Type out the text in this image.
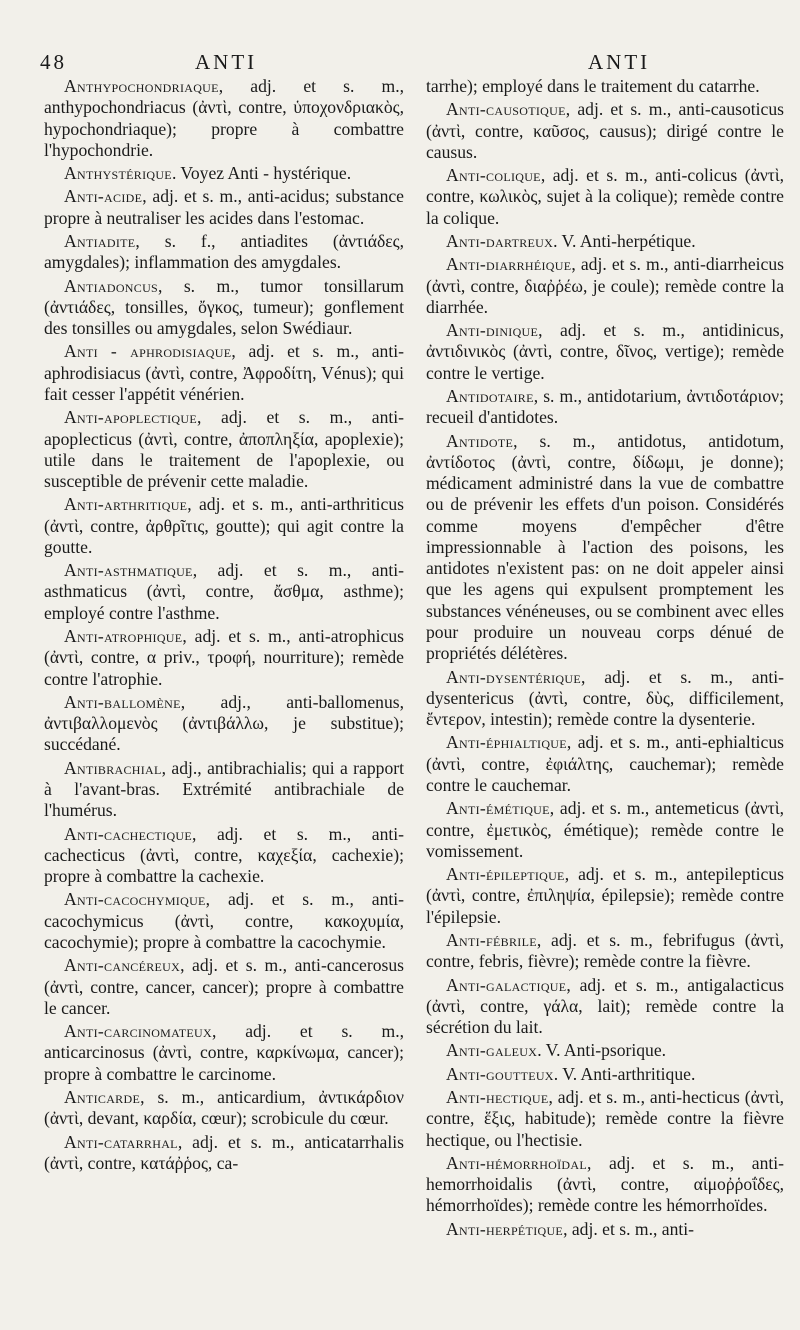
48	ANTI	ANTI

Anthypochondriaque, adj. et s. m., anthypochondriacus (ἀντὶ, contre, ὑποχονδριακὸς, hypochondriaque); propre à combattre l'hypochondrie.

Anthystérique. Voyez Anti - hystérique.

Anti-acide, adj. et s. m., anti-acidus; substance propre à neutraliser les acides dans l'estomac.

Antiadite, s. f., antiadites (ἀντιάδες, amygdales); inflammation des amygdales.

Antiadoncus, s. m., tumor tonsillarum (ἀντιάδες, tonsilles, ὄγκος, tumeur); gonflement des tonsilles ou amygdales, selon Swédiaur.

Anti - aphrodisiaque, adj. et s. m., anti-aphrodisiacus (ἀντὶ, contre, Ἀφροδίτη, Vénus); qui fait cesser l'appétit vénérien.

Anti-apoplectique, adj. et s. m., anti-apoplecticus (ἀντὶ, contre, ἀποπληξία, apoplexie); utile dans le traitement de l'apoplexie, ou susceptible de prévenir cette maladie.

Anti-arthritique, adj. et s. m., anti-arthriticus (ἀντὶ, contre, ἀρθρῖτις, goutte); qui agit contre la goutte.

Anti-asthmatique, adj. et s. m., anti-asthmaticus (ἀντὶ, contre, ἄσθμα, asthme); employé contre l'asthme.

Anti-atrophique, adj. et s. m., anti-atrophicus (ἀντὶ, contre, α priv., τροφή, nourriture); remède contre l'atrophie.

Anti-ballomène, adj., anti-ballomenus, ἀντιβαλλομενὸς (ἀντιβάλλω, je substitue); succédané.

Antibrachial, adj., antibrachialis; qui a rapport à l'avant-bras. Extrémité antibrachiale de l'humérus.

Anti-cachectique, adj. et s. m., anti-cachecticus (ἀντὶ, contre, καχεξία, cachexie); propre à combattre la cachexie.

Anti-cacochymique, adj. et s. m., anti-cacochymicus (ἀντὶ, contre, κακοχυμία, cacochymie); propre à combattre la cacochymie.

Anti-cancéreux, adj. et s. m., anti-cancerosus (ἀντὶ, contre, cancer, cancer); propre à combattre le cancer.

Anti-carcinomateux, adj. et s. m., anticarcinosus (ἀντὶ, contre, καρκίνωμα, cancer); propre à combattre le carcinome.

Anticarde, s. m., anticardium, ἀντικάρδιον (ἀντὶ, devant, καρδία, cœur); scrobicule du cœur.

Anti-catarrhal, adj. et s. m., anticatarrhalis (ἀντὶ, contre, κατάῤῥος, ca-

tarrhe); employé dans le traitement du catarrhe.

Anti-causotique, adj. et s. m., anti-causoticus (ἀντὶ, contre, καῦσος, causus); dirigé contre le causus.

Anti-colique, adj. et s. m., anti-colicus (ἀντὶ, contre, κωλικὸς, sujet à la colique); remède contre la colique.

Anti-dartreux. V. Anti-herpétique.

Anti-diarrhéique, adj. et s. m., anti-diarrheicus (ἀντὶ, contre, διαῤῥέω, je coule); remède contre la diarrhée.

Anti-dinique, adj. et s. m., antidinicus, ἀντιδινικὸς (ἀντὶ, contre, δῖνος, vertige); remède contre le vertige.

Antidotaire, s. m., antidotarium, ἀντιδοτάριον; recueil d'antidotes.

Antidote, s. m., antidotus, antidotum, ἀντίδοτος (ἀντὶ, contre, δίδωμι, je donne); médicament administré dans la vue de combattre ou de prévenir les effets d'un poison. Considérés comme moyens d'empêcher d'être impressionnable à l'action des poisons, les antidotes n'existent pas: on ne doit appeler ainsi que les agens qui expulsent promptement les substances vénéneuses, ou se combinent avec elles pour produire un nouveau corps dénué de propriétés délétères.

Anti-dysentérique, adj. et s. m., anti-dysentericus (ἀντὶ, contre, δὺς, difficilement, ἔντερον, intestin); remède contre la dysenterie.

Anti-éphialtique, adj. et s. m., anti-ephialticus (ἀντὶ, contre, ἐφιάλτης, cauchemar); remède contre le cauchemar.

Anti-émétique, adj. et s. m., antemeticus (ἀντὶ, contre, ἐμετικὸς, émétique); remède contre le vomissement.

Anti-épileptique, adj. et s. m., antepilepticus (ἀντὶ, contre, ἐπιληψία, épilepsie); remède contre l'épilepsie.

Anti-fébrile, adj. et s. m., febrifugus (ἀντὶ, contre, febris, fièvre); remède contre la fièvre.

Anti-galactique, adj. et s. m., antigalacticus (ἀντὶ, contre, γάλα, lait); remède contre la sécrétion du lait.

Anti-galeux. V. Anti-psorique.

Anti-goutteux. V. Anti-arthritique.

Anti-hectique, adj. et s. m., anti-hecticus (ἀντὶ, contre, ἕξις, habitude); remède contre la fièvre hectique, ou l'hectisie.

Anti-hémorrhoïdal, adj. et s. m., anti-hemorrhoidalis (ἀντὶ, contre, αἱμοῤῥοΐδες, hémorrhoïdes); remède contre les hémorrhoïdes.

Anti-herpétique, adj. et s. m., anti-
